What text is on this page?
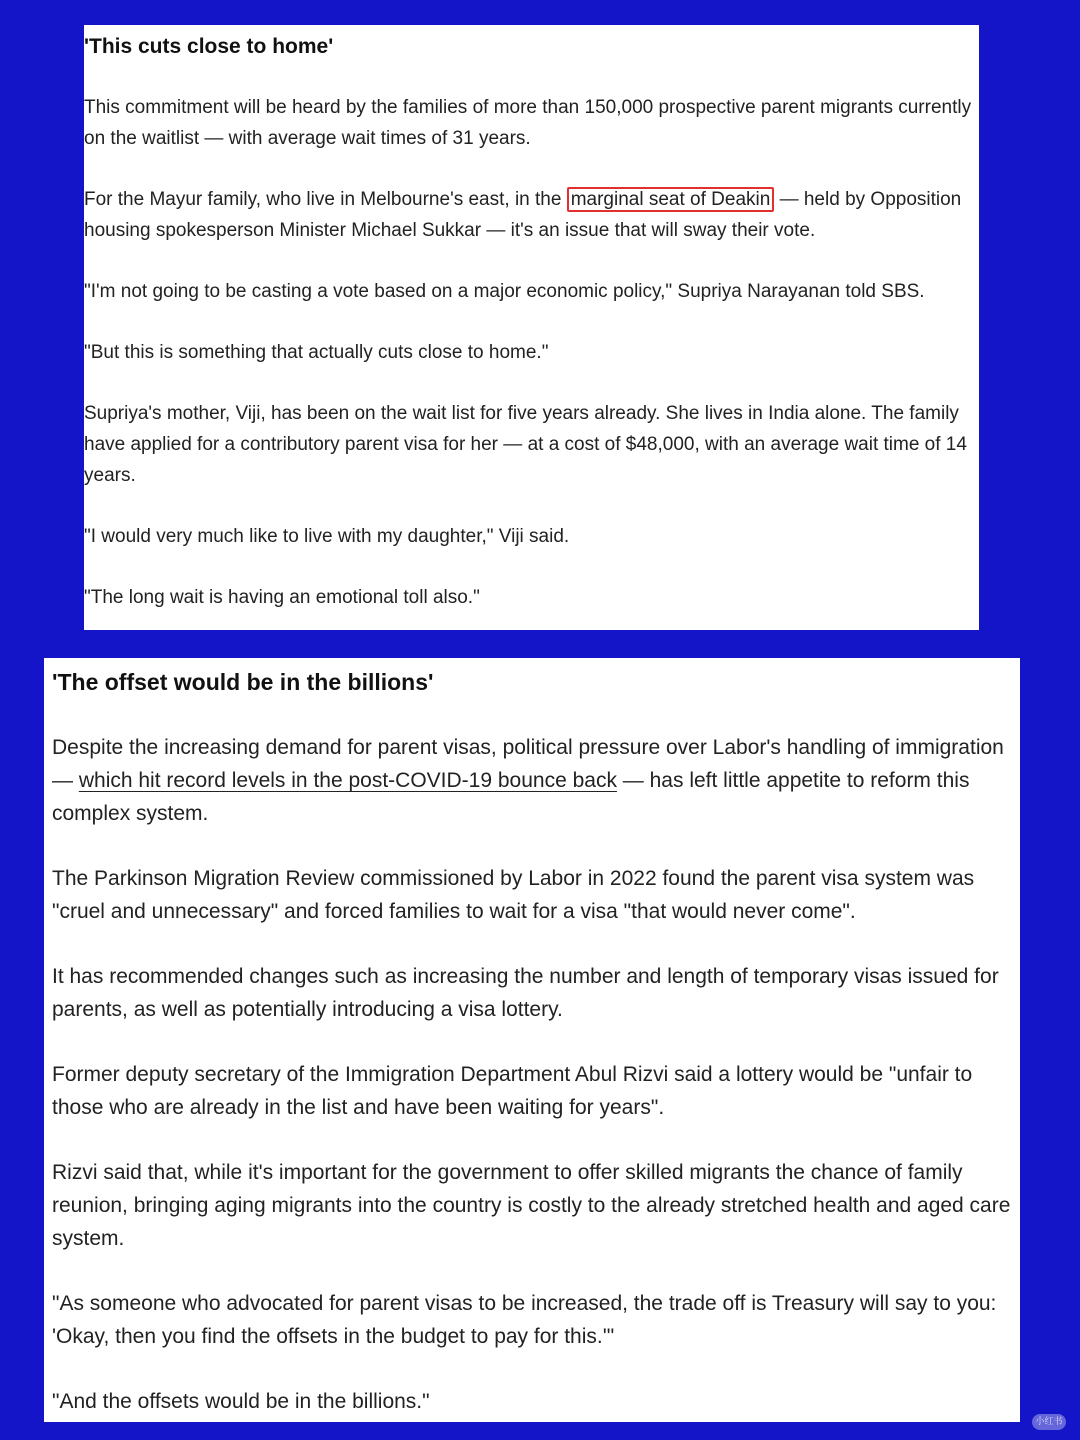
'This cuts close to home'

This commitment will be heard by the families of more than 150,000 prospective parent migrants currently on the waitlist — with average wait times of 31 years.

For the Mayur family, who live in Melbourne's east, in the marginal seat of Deakin — held by Opposition housing spokesperson Minister Michael Sukkar — it's an issue that will sway their vote.

"I'm not going to be casting a vote based on a major economic policy," Supriya Narayanan told SBS.

"But this is something that actually cuts close to home."

Supriya's mother, Viji, has been on the wait list for five years already. She lives in India alone. The family have applied for a contributory parent visa for her — at a cost of $48,000, with an average wait time of 14 years.

"I would very much like to live with my daughter," Viji said.

"The long wait is having an emotional toll also."

'The offset would be in the billions'

Despite the increasing demand for parent visas, political pressure over Labor's handling of immigration — which hit record levels in the post-COVID-19 bounce back — has left little appetite to reform this complex system.

The Parkinson Migration Review commissioned by Labor in 2022 found the parent visa system was "cruel and unnecessary" and forced families to wait for a visa "that would never come".

It has recommended changes such as increasing the number and length of temporary visas issued for parents, as well as potentially introducing a visa lottery.

Former deputy secretary of the Immigration Department Abul Rizvi said a lottery would be "unfair to those who are already in the list and have been waiting for years".

Rizvi said that, while it's important for the government to offer skilled migrants the chance of family reunion, bringing aging migrants into the country is costly to the already stretched health and aged care system.

"As someone who advocated for parent visas to be increased, the trade off is Treasury will say to you: 'Okay, then you find the offsets in the budget to pay for this.'"

"And the offsets would be in the billions."

小红书
